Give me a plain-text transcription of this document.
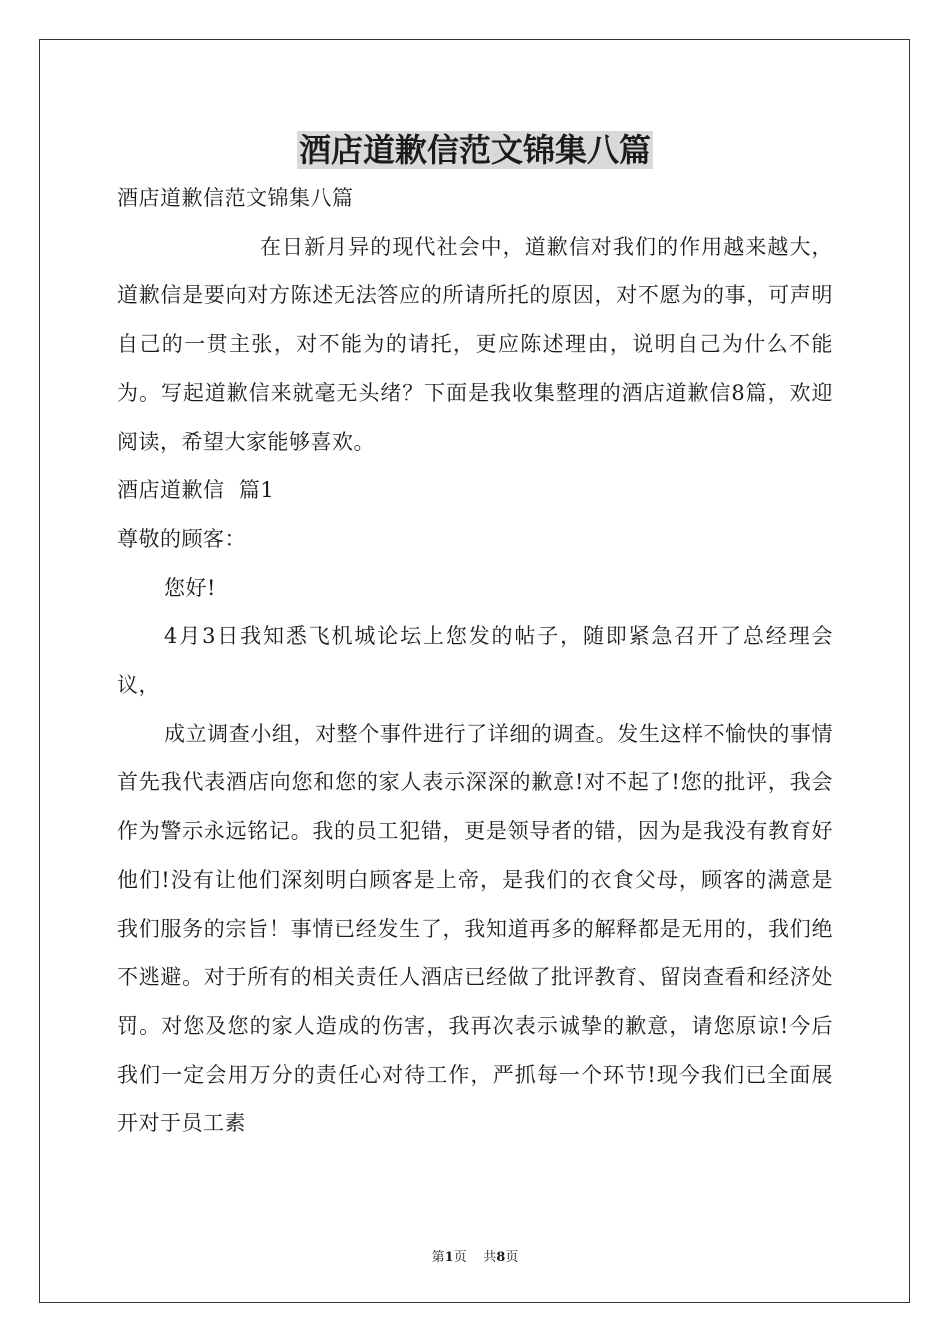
酒店道歉信范文锦集八篇

酒店道歉信范文锦集八篇

在日新月异的现代社会中，道歉信对我们的作用越来越大，道歉信是要向对方陈述无法答应的所请所托的原因，对不愿为的事，可声明自己的一贯主张，对不能为的请托，更应陈述理由，说明自己为什么不能为。写起道歉信来就毫无头绪？下面是我收集整理的酒店道歉信8篇，欢迎阅读，希望大家能够喜欢。

酒店道歉信  篇1

尊敬的顾客：

您好!

4月3日我知悉飞机城论坛上您发的帖子，随即紧急召开了总经理会议，

成立调查小组，对整个事件进行了详细的调查。发生这样不愉快的事情首先我代表酒店向您和您的家人表示深深的歉意!对不起了!您的批评，我会作为警示永远铭记。我的员工犯错，更是领导者的错，因为是我没有教育好他们!没有让他们深刻明白顾客是上帝，是我们的衣食父母，顾客的满意是我们服务的宗旨！事情已经发生了，我知道再多的解释都是无用的，我们绝不逃避。对于所有的相关责任人酒店已经做了批评教育、留岗查看和经济处罚。对您及您的家人造成的伤害，我再次表示诚挚的歉意，请您原谅!今后我们一定会用万分的责任心对待工作，严抓每一个环节!现今我们已全面展开对于员工素

第1页 共8页
